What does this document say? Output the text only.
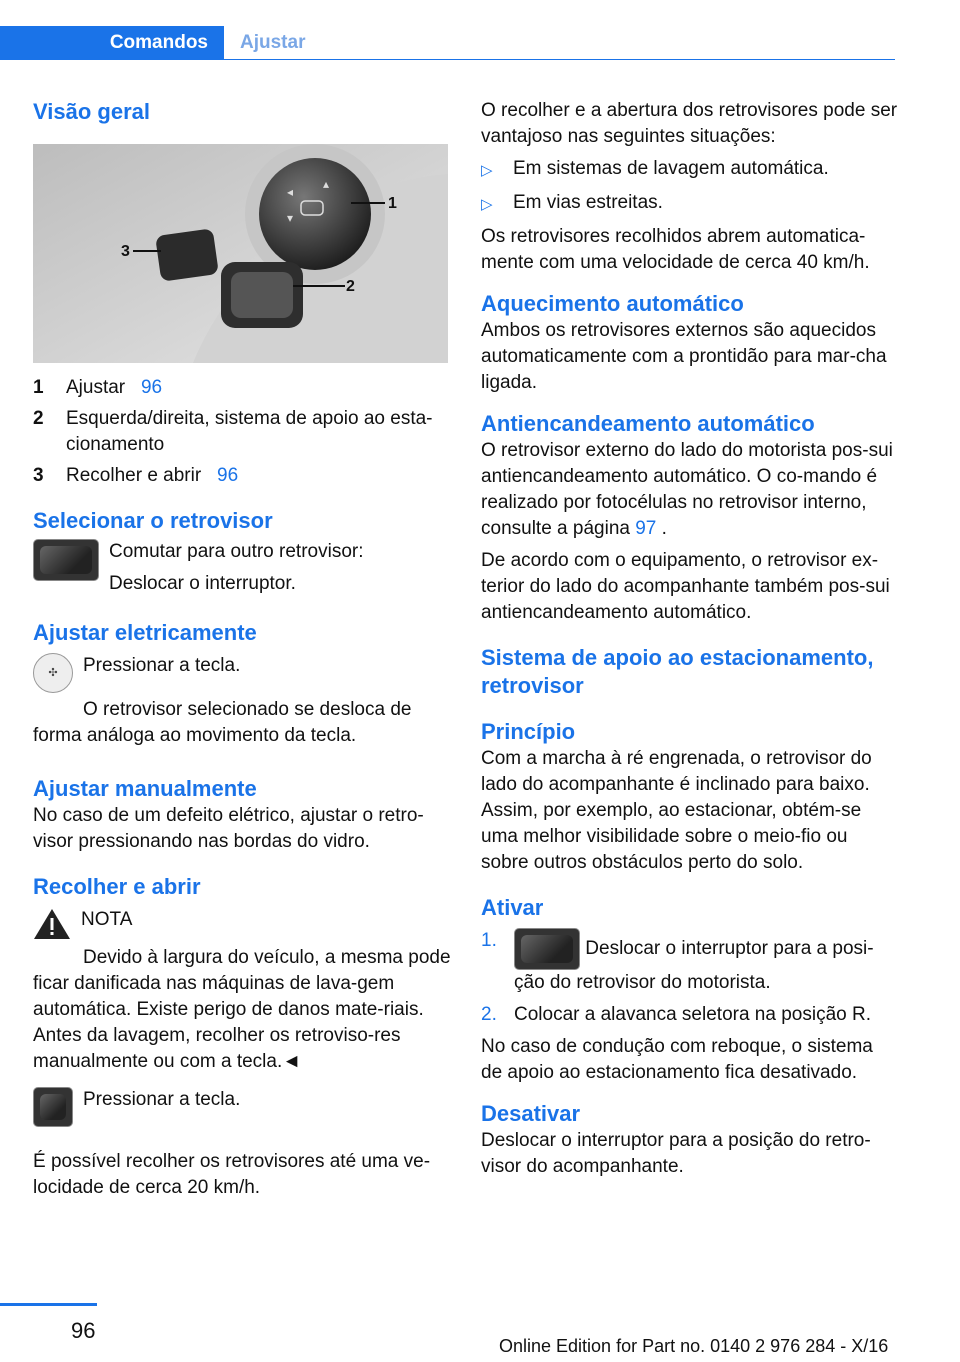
Comandos	Ajustar
Visão geral
◂
▴
▾
1
2
3
1	Ajustar 96
2	Esquerda/direita, sistema de apoio ao esta-cionamento
3	Recolher e abrir 96
Selecionar o retrovisor

Comutar para outro retrovisor:

Deslocar o interruptor.

Ajustar eletricamente
✣	Pressionar a tecla.

O retrovisor selecionado se desloca de forma análoga ao movimento da tecla.

Ajustar manualmente

No caso de um defeito elétrico, ajustar o retro-visor pressionando nas bordas do vidro.

Recolher e abrir

NOTA

Devido à largura do veículo, a mesma pode ficar danificada nas máquinas de lava-gem automática. Existe perigo de danos mate-riais. Antes da lavagem, recolher os retroviso-res manualmente ou com a tecla.◄

Pressionar a tecla.

É possível recolher os retrovisores até uma ve-locidade de cerca 20 km/h.

O recolher e a abertura dos retrovisores pode ser vantajoso nas seguintes situações:

▷	Em sistemas de lavagem automática.
▷	Em vias estreitas.

Os retrovisores recolhidos abrem automatica-mente com uma velocidade de cerca 40 km/h.

Aquecimento automático

Ambos os retrovisores externos são aquecidos automaticamente com a prontidão para mar-cha ligada.

Antiencandeamento automático

O retrovisor externo do lado do motorista pos-sui antiencandeamento automático. O co-mando é realizado por fotocélulas no retrovisor interno, consulte a página 97 .

De acordo com o equipamento, o retrovisor ex-terior do lado do acompanhante também pos-sui antiencandeamento automático.

Sistema de apoio ao estacionamento, retrovisor
Princípio

Com a marcha à ré engrenada, o retrovisor do lado do acompanhante é inclinado para baixo. Assim, por exemplo, ao estacionar, obtém-se uma melhor visibilidade sobre o meio-fio ou sobre outros obstáculos perto do solo.

Ativar
1.	Deslocar o interruptor para a posi-ção do retrovisor do motorista.
2. Colocar a alavanca seletora na posição R.

No caso de condução com reboque, o sistema de apoio ao estacionamento fica desativado.

Desativar

Deslocar o interruptor para a posição do retro-visor do acompanhante.

96
Online Edition for Part no. 0140 2 976 284 - X/16
